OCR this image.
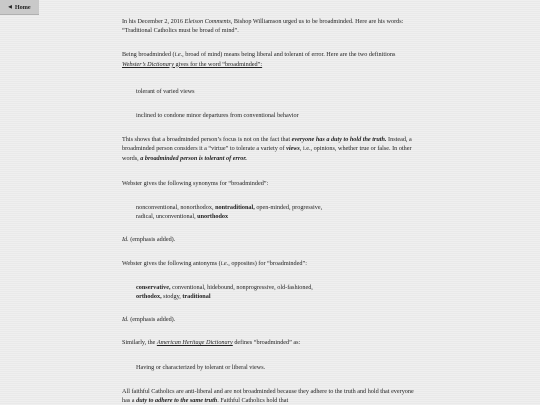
◀ Home

In his December 2, 2016 Eleison Comments, Bishop Williamson urged us to be broadminded. Here are his words: “Traditional Catholics must be broad of mind”.

Being broadminded (i.e., broad of mind) means being liberal and tolerant of error. Here are the two definitions Webster’s Dictionary gives for the word “broadminded”:

tolerant of varied views

inclined to condone minor departures from conventional behavior

This shows that a broadminded person’s focus is not on the fact that everyone has a duty to hold the truth. Instead, a broadminded person considers it a “virtue” to tolerate a variety of views, i.e., opinions, whether true or false. In other words, a broadminded person is tolerant of error.

Webster gives the following synonyms for “broadminded”:

nonconventional, nonorthodox, nontraditional, open-minded, progressive, radical, unconventional, unorthodox

Id. (emphasis added).

Webster gives the following antonyms (i.e., opposites) for “broadminded”:

conservative, conventional, hidebound, nonprogressive, old-fashioned, orthodox, stodgy, traditional

Id. (emphasis added).

Similarly, the American Heritage Dictionary defines “broadminded” as:

Having or characterized by tolerant or liberal views.

All faithful Catholics are anti-liberal and are not broadminded because they adhere to the truth and hold that everyone has a duty to adhere to the same truth. Faithful Catholics hold that
